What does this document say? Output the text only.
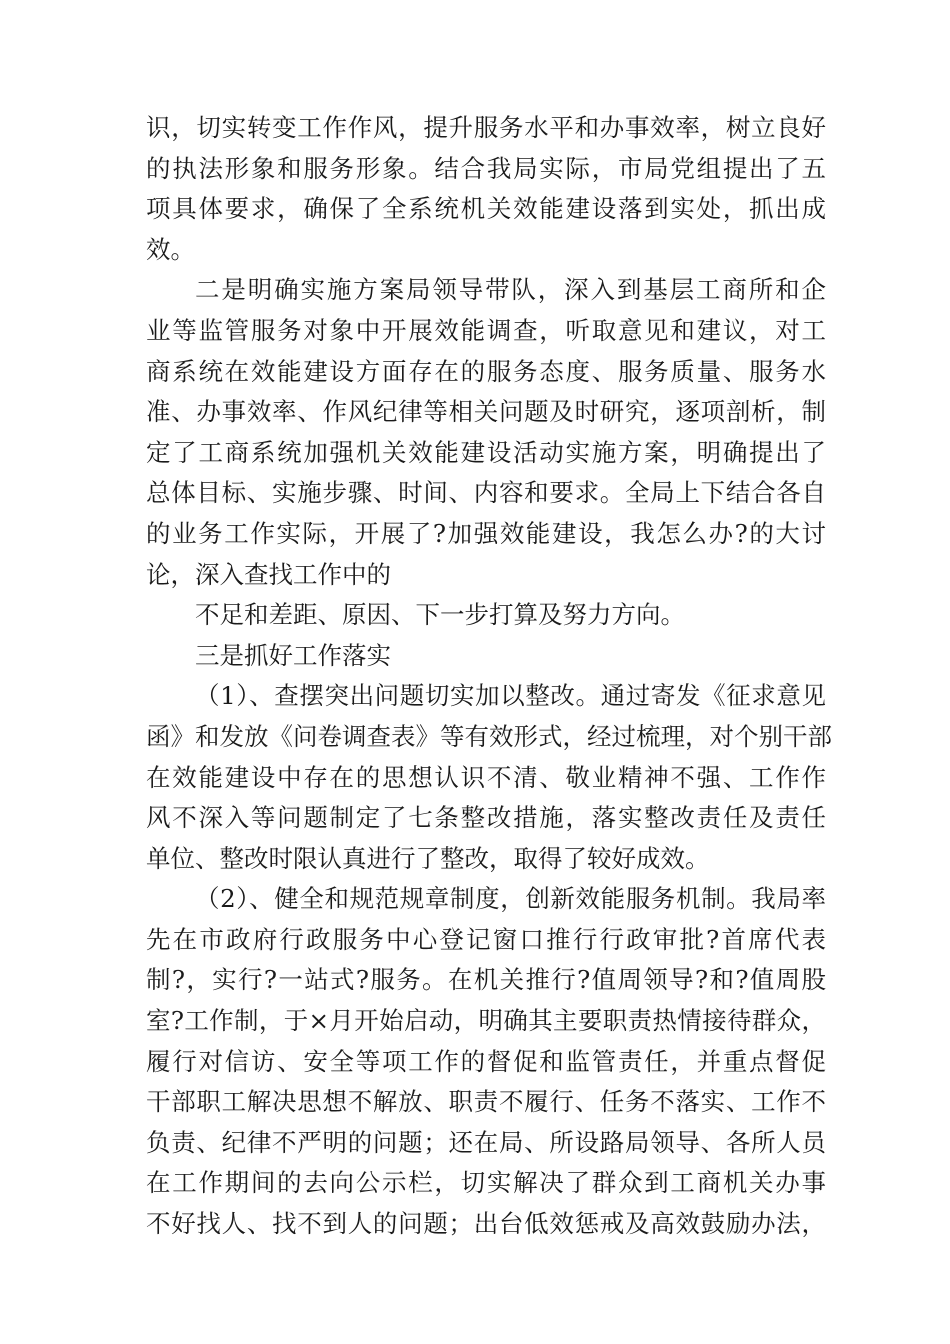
识，切实转变工作作风，提升服务水平和办事效率，树立良好
的执法形象和服务形象。结合我局实际，市局党组提出了五
项具体要求，确保了全系统机关效能建设落到实处，抓出成
效。
二是明确实施方案局领导带队，深入到基层工商所和企
业等监管服务对象中开展效能调查，听取意见和建议，对工
商系统在效能建设方面存在的服务态度、服务质量、服务水
准、办事效率、作风纪律等相关问题及时研究，逐项剖析，制
定了工商系统加强机关效能建设活动实施方案，明确提出了
总体目标、实施步骤、时间、内容和要求。全局上下结合各自
的业务工作实际，开展了?加强效能建设，我怎么办?的大讨
论，深入查找工作中的
不足和差距、原因、下一步打算及努力方向。
三是抓好工作落实
（1）、查摆突出问题切实加以整改。通过寄发《征求意见
函》和发放《问卷调查表》等有效形式，经过梳理，对个别干部
在效能建设中存在的思想认识不清、敬业精神不强、工作作
风不深入等问题制定了七条整改措施，落实整改责任及责任
单位、整改时限认真进行了整改，取得了较好成效。
（2）、健全和规范规章制度，创新效能服务机制。我局率
先在市政府行政服务中心登记窗口推行行政审批?首席代表
制?，实行?一站式?服务。在机关推行?值周领导?和?值周股
室?工作制，于×月开始启动，明确其主要职责热情接待群众，
履行对信访、安全等项工作的督促和监管责任，并重点督促
干部职工解决思想不解放、职责不履行、任务不落实、工作不
负责、纪律不严明的问题；还在局、所设路局领导、各所人员
在工作期间的去向公示栏，切实解决了群众到工商机关办事
不好找人、找不到人的问题；出台低效惩戒及高效鼓励办法，
